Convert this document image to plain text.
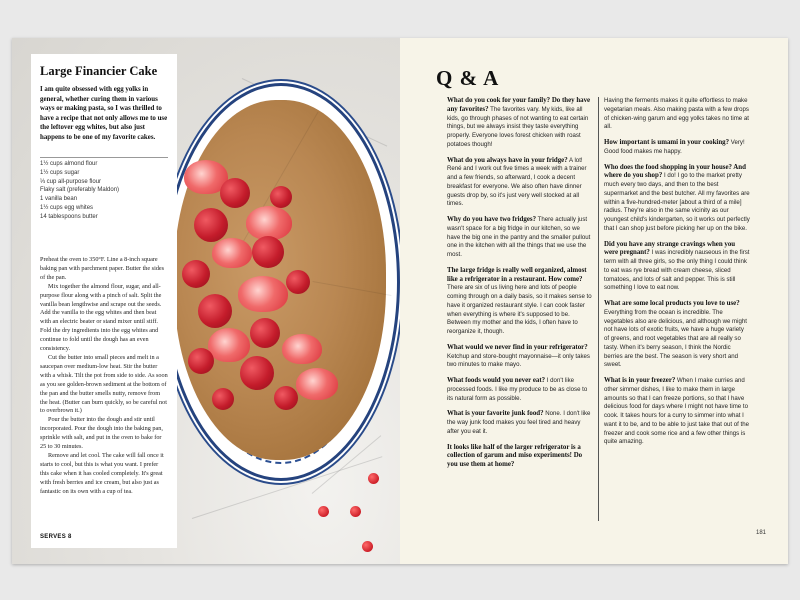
Large Financier Cake

I am quite obsessed with egg yolks in general, whether curing them in various ways or making pasta, so I was thrilled to have a recipe that not only allows me to use the leftover egg whites, but also just happens to be one of my favorite cakes.

1½ cups almond flour
1½ cups sugar
⅓ cup all-purpose flour
Flaky salt (preferably Maldon)
1 vanilla bean
1½ cups egg whites
14 tablespoons butter

Preheat the oven to 350°F. Line a 8-inch square baking pan with parchment paper. Butter the sides of the pan.

Mix together the almond flour, sugar, and all-purpose flour along with a pinch of salt. Split the vanilla bean lengthwise and scrape out the seeds. Add the vanilla to the egg whites and then beat with an electric beater or stand mixer until stiff. Fold the dry ingredients into the egg whites and continue to fold until the dough has an even consistency.

Cut the butter into small pieces and melt in a saucepan over medium-low heat. Stir the butter with a whisk. Tilt the pot from side to side. As soon as you see golden-brown sediment at the bottom of the pan and the butter smells nutty, remove from the heat. (Butter can burn quickly, so be careful not to overbrown it.)

Pour the butter into the dough and stir until incorporated. Pour the dough into the baking pan, sprinkle with salt, and put in the oven to bake for 25 to 30 minutes.

Remove and let cool. The cake will fall once it starts to cool, but this is what you want. I prefer this cake when it has cooled completely. It's great with fresh berries and ice cream, but also just as fantastic on its own with a cup of tea.

SERVES 8
Q & A

What do you cook for your family? Do they have any favorites? The favorites vary. My kids, like all kids, go through phases of not wanting to eat certain things, but we always insist they taste everything properly. Everyone loves forest chicken with roast potatoes though!

What do you always have in your fridge? A lot! René and I work out five times a week with a trainer and a few friends, so afterward, I cook a decent breakfast for everyone. We also often have dinner guests drop by, so it's just very well stocked at all times.

Why do you have two fridges? There actually just wasn't space for a big fridge in our kitchen, so we have the big one in the pantry and the smaller pullout one in the kitchen with all the things that we use the most.

The large fridge is really well organized, almost like a refrigerator in a restaurant. How come? There are six of us living here and lots of people coming through on a daily basis, so it makes sense to have it organized restaurant style. I can cook faster when everything is where it's supposed to be. Between my mother and the kids, I often have to reorganize it, though.

What would we never find in your refrigerator? Ketchup and store-bought mayonnaise—it only takes two minutes to make mayo.

What foods would you never eat? I don't like processed foods. I like my produce to be as close to its natural form as possible.

What is your favorite junk food? None. I don't like the way junk food makes you feel tired and heavy after you eat it.

It looks like half of the larger refrigerator is a collection of garum and miso experiments! Do you use them at home?

Having the ferments makes it quite effortless to make vegetarian meals. Also making pasta with a few drops of chicken-wing garum and egg yolks takes no time at all.

How important is umami in your cooking? Very! Good food makes me happy.

Who does the food shopping in your house? And where do you shop? I do! I go to the market pretty much every two days, and then to the best supermarket and the best butcher. All my favorites are within a five-hundred-meter [about a third of a mile] radius. They're also in the same vicinity as our youngest child's kindergarten, so it works out perfectly that I can shop just before picking her up on the bike.

Did you have any strange cravings when you were pregnant? I was incredibly nauseous in the first term with all three girls, so the only thing I could think to eat was rye bread with cream cheese, sliced tomatoes, and lots of salt and pepper. This is still something I love to eat now.

What are some local products you love to use? Everything from the ocean is incredible. The vegetables also are delicious, and although we might not have lots of exotic fruits, we have a huge variety of greens, and root vegetables that are all really so tasty. When it's berry season, I think the Nordic berries are the best. The season is very short and sweet.

What is in your freezer? When I make curries and other simmer dishes, I like to make them in large amounts so that I can freeze portions, so that I have delicious food for days where I might not have time to cook. It takes hours for a curry to simmer into what I want it to be, and to be able to just take that out of the freezer and cook some rice and a few other things is quite amazing.

181
